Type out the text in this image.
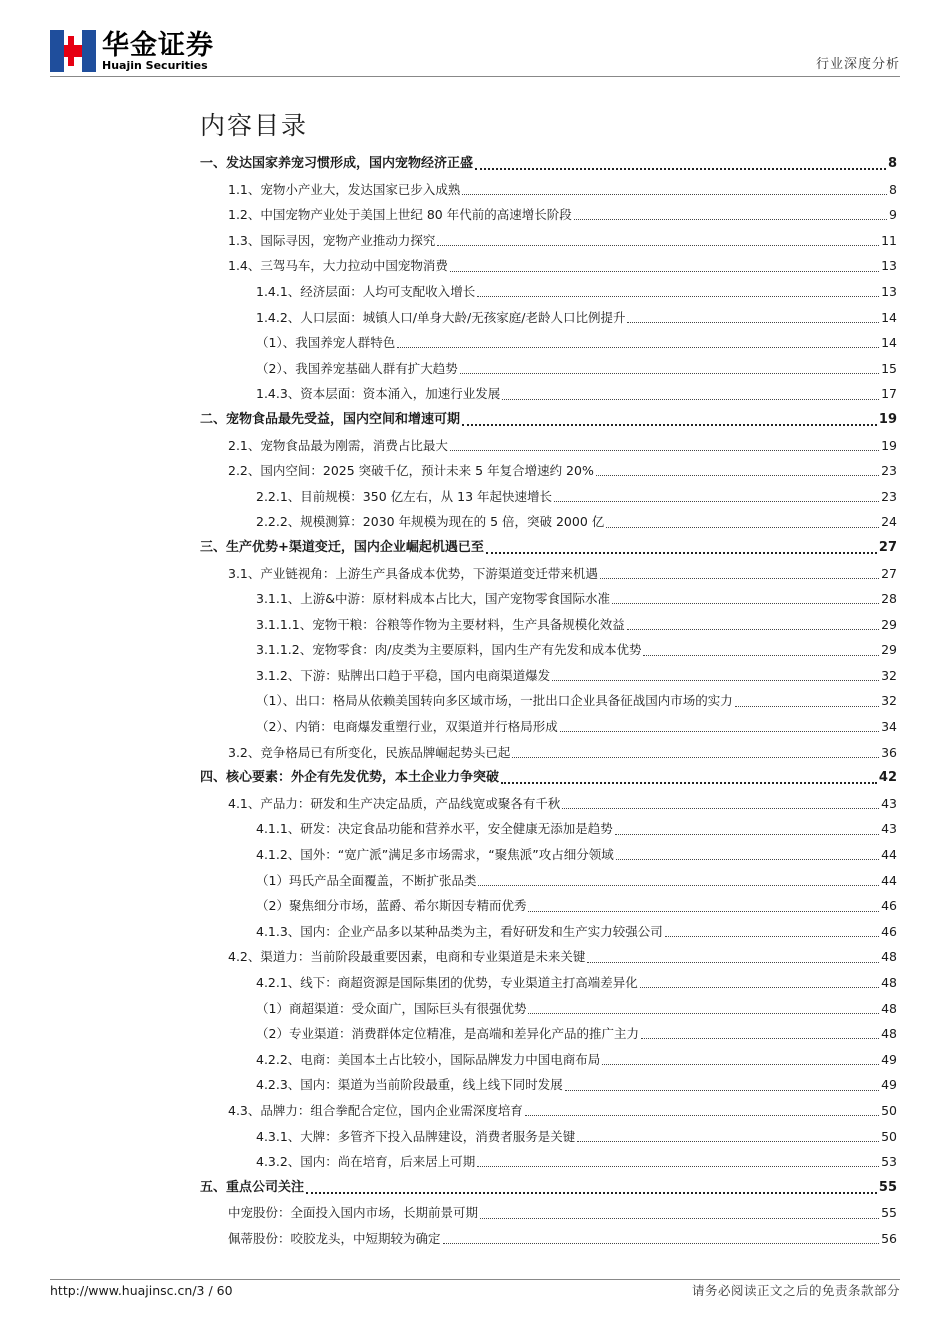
华金证券
Huajin Securities	行业深度分析
内容目录
一、发达国家养宠习惯形成，国内宠物经济正盛	8
1.1、宠物小产业大，发达国家已步入成熟	8
1.2、中国宠物产业处于美国上世纪 80 年代前的高速增长阶段	9
1.3、国际寻因，宠物产业推动力探究	11
1.4、三驾马车，大力拉动中国宠物消费	13
1.4.1、经济层面：人均可支配收入增长	13
1.4.2、人口层面：城镇人口/单身大龄/无孩家庭/老龄人口比例提升	14
（1）、我国养宠人群特色	14
（2）、我国养宠基础人群有扩大趋势	15
1.4.3、资本层面：资本涌入，加速行业发展	17
二、宠物食品最先受益，国内空间和增速可期	19
2.1、宠物食品最为刚需，消费占比最大	19
2.2、国内空间：2025 突破千亿，预计未来 5 年复合增速约 20%	23
2.2.1、目前规模：350 亿左右，从 13 年起快速增长	23
2.2.2、规模测算：2030 年规模为现在的 5 倍，突破 2000 亿	24
三、生产优势+渠道变迁，国内企业崛起机遇已至	27
3.1、产业链视角：上游生产具备成本优势，下游渠道变迁带来机遇	27
3.1.1、上游&中游：原材料成本占比大，国产宠物零食国际水准	28
3.1.1.1、宠物干粮：谷粮等作物为主要材料，生产具备规模化效益	29
3.1.1.2、宠物零食：肉/皮类为主要原料，国内生产有先发和成本优势	29
3.1.2、下游：贴牌出口趋于平稳，国内电商渠道爆发	32
（1）、出口：格局从依赖美国转向多区域市场，一批出口企业具备征战国内市场的实力	32
（2）、内销：电商爆发重塑行业，双渠道并行格局形成	34
3.2、竞争格局已有所变化，民族品牌崛起势头已起	36
四、核心要素：外企有先发优势，本土企业力争突破	42
4.1、产品力：研发和生产决定品质，产品线宽或聚各有千秋	43
4.1.1、研发：决定食品功能和营养水平，安全健康无添加是趋势	43
4.1.2、国外：“宽广派”满足多市场需求，“聚焦派”攻占细分领域	44
（1）玛氏产品全面覆盖，不断扩张品类	44
（2）聚焦细分市场，蓝爵、希尔斯因专精而优秀	46
4.1.3、国内：企业产品多以某种品类为主，看好研发和生产实力较强公司	46
4.2、渠道力：当前阶段最重要因素，电商和专业渠道是未来关键	48
4.2.1、线下：商超资源是国际集团的优势，专业渠道主打高端差异化	48
（1）商超渠道：受众面广，国际巨头有很强优势	48
（2）专业渠道：消费群体定位精准，是高端和差异化产品的推广主力	48
4.2.2、电商：美国本土占比较小，国际品牌发力中国电商布局	49
4.2.3、国内：渠道为当前阶段最重，线上线下同时发展	49
4.3、品牌力：组合拳配合定位，国内企业需深度培育	50
4.3.1、大牌：多管齐下投入品牌建设，消费者服务是关键	50
4.3.2、国内：尚在培育，后来居上可期	53
五、重点公司关注	55
中宠股份：全面投入国内市场，长期前景可期	55
佩蒂股份：咬胶龙头，中短期较为确定	56
http://www.huajinsc.cn/3 / 60	请务必阅读正文之后的免责条款部分
